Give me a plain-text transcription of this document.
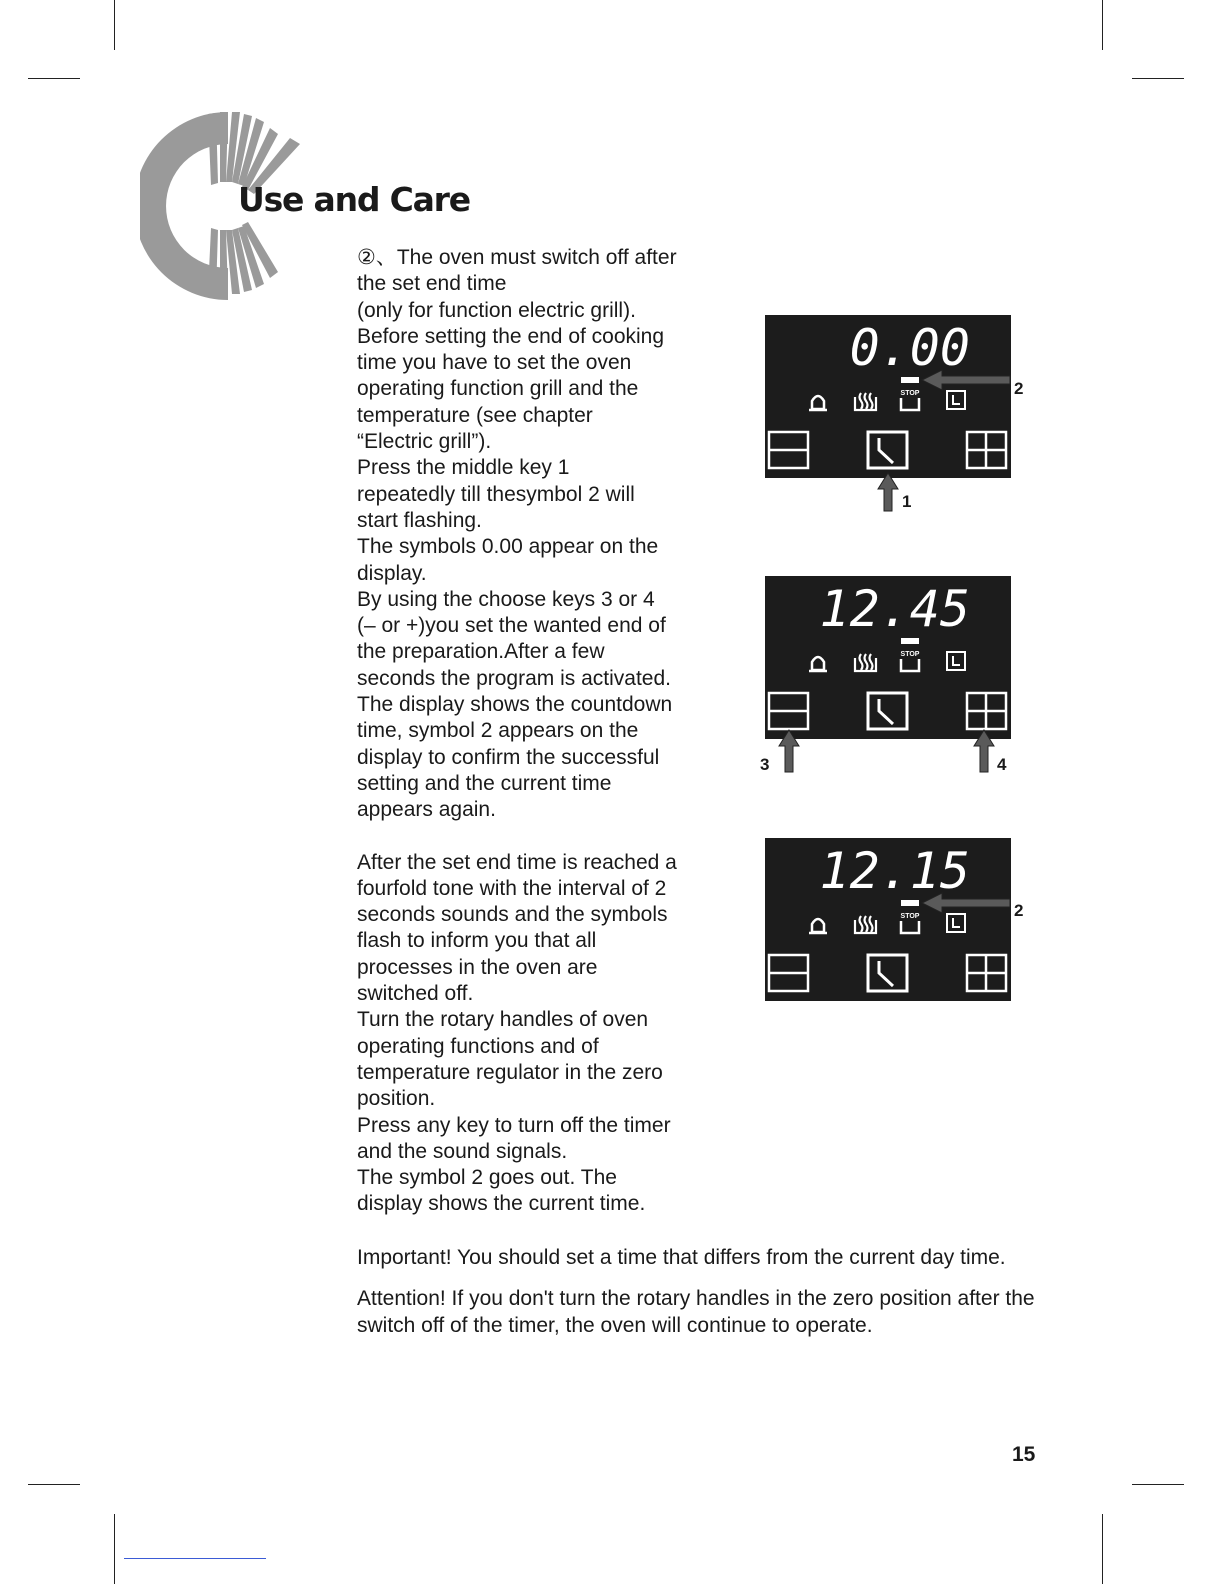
Use and Care

②、The oven must switch off after
the set end time
(only for function electric grill).
Before setting the end of cooking
time you have to set the oven
operating function grill and the
temperature (see chapter
“Electric grill”).
Press the middle key 1
repeatedly till thesymbol 2 will
start flashing.
The symbols 0.00 appear on the
display.
By using the choose keys 3 or 4
(– or +)you set the wanted end of
the preparation.After a few
seconds the program is activated.
The display shows the countdown
time, symbol 2 appears on the
display to confirm the successful
setting and the current time
appears again.

After the set end time is reached a
fourfold tone with the interval of 2
seconds sounds and the symbols
flash to inform you that all
processes in the oven are
switched off.
Turn the rotary handles of oven
operating functions and of
temperature regulator in the zero
position.
Press any key to turn off the timer
and the sound signals.
The symbol 2 goes out. The
display shows the current time.

Important! You should set a time that differs from the current day time.

Attention! If you don't turn the rotary handles in the zero position after the switch off of the timer, the oven will continue to operate.

0.00
STOP	2
1
12.45
STOP
3	4
12.15
STOP	2
15
